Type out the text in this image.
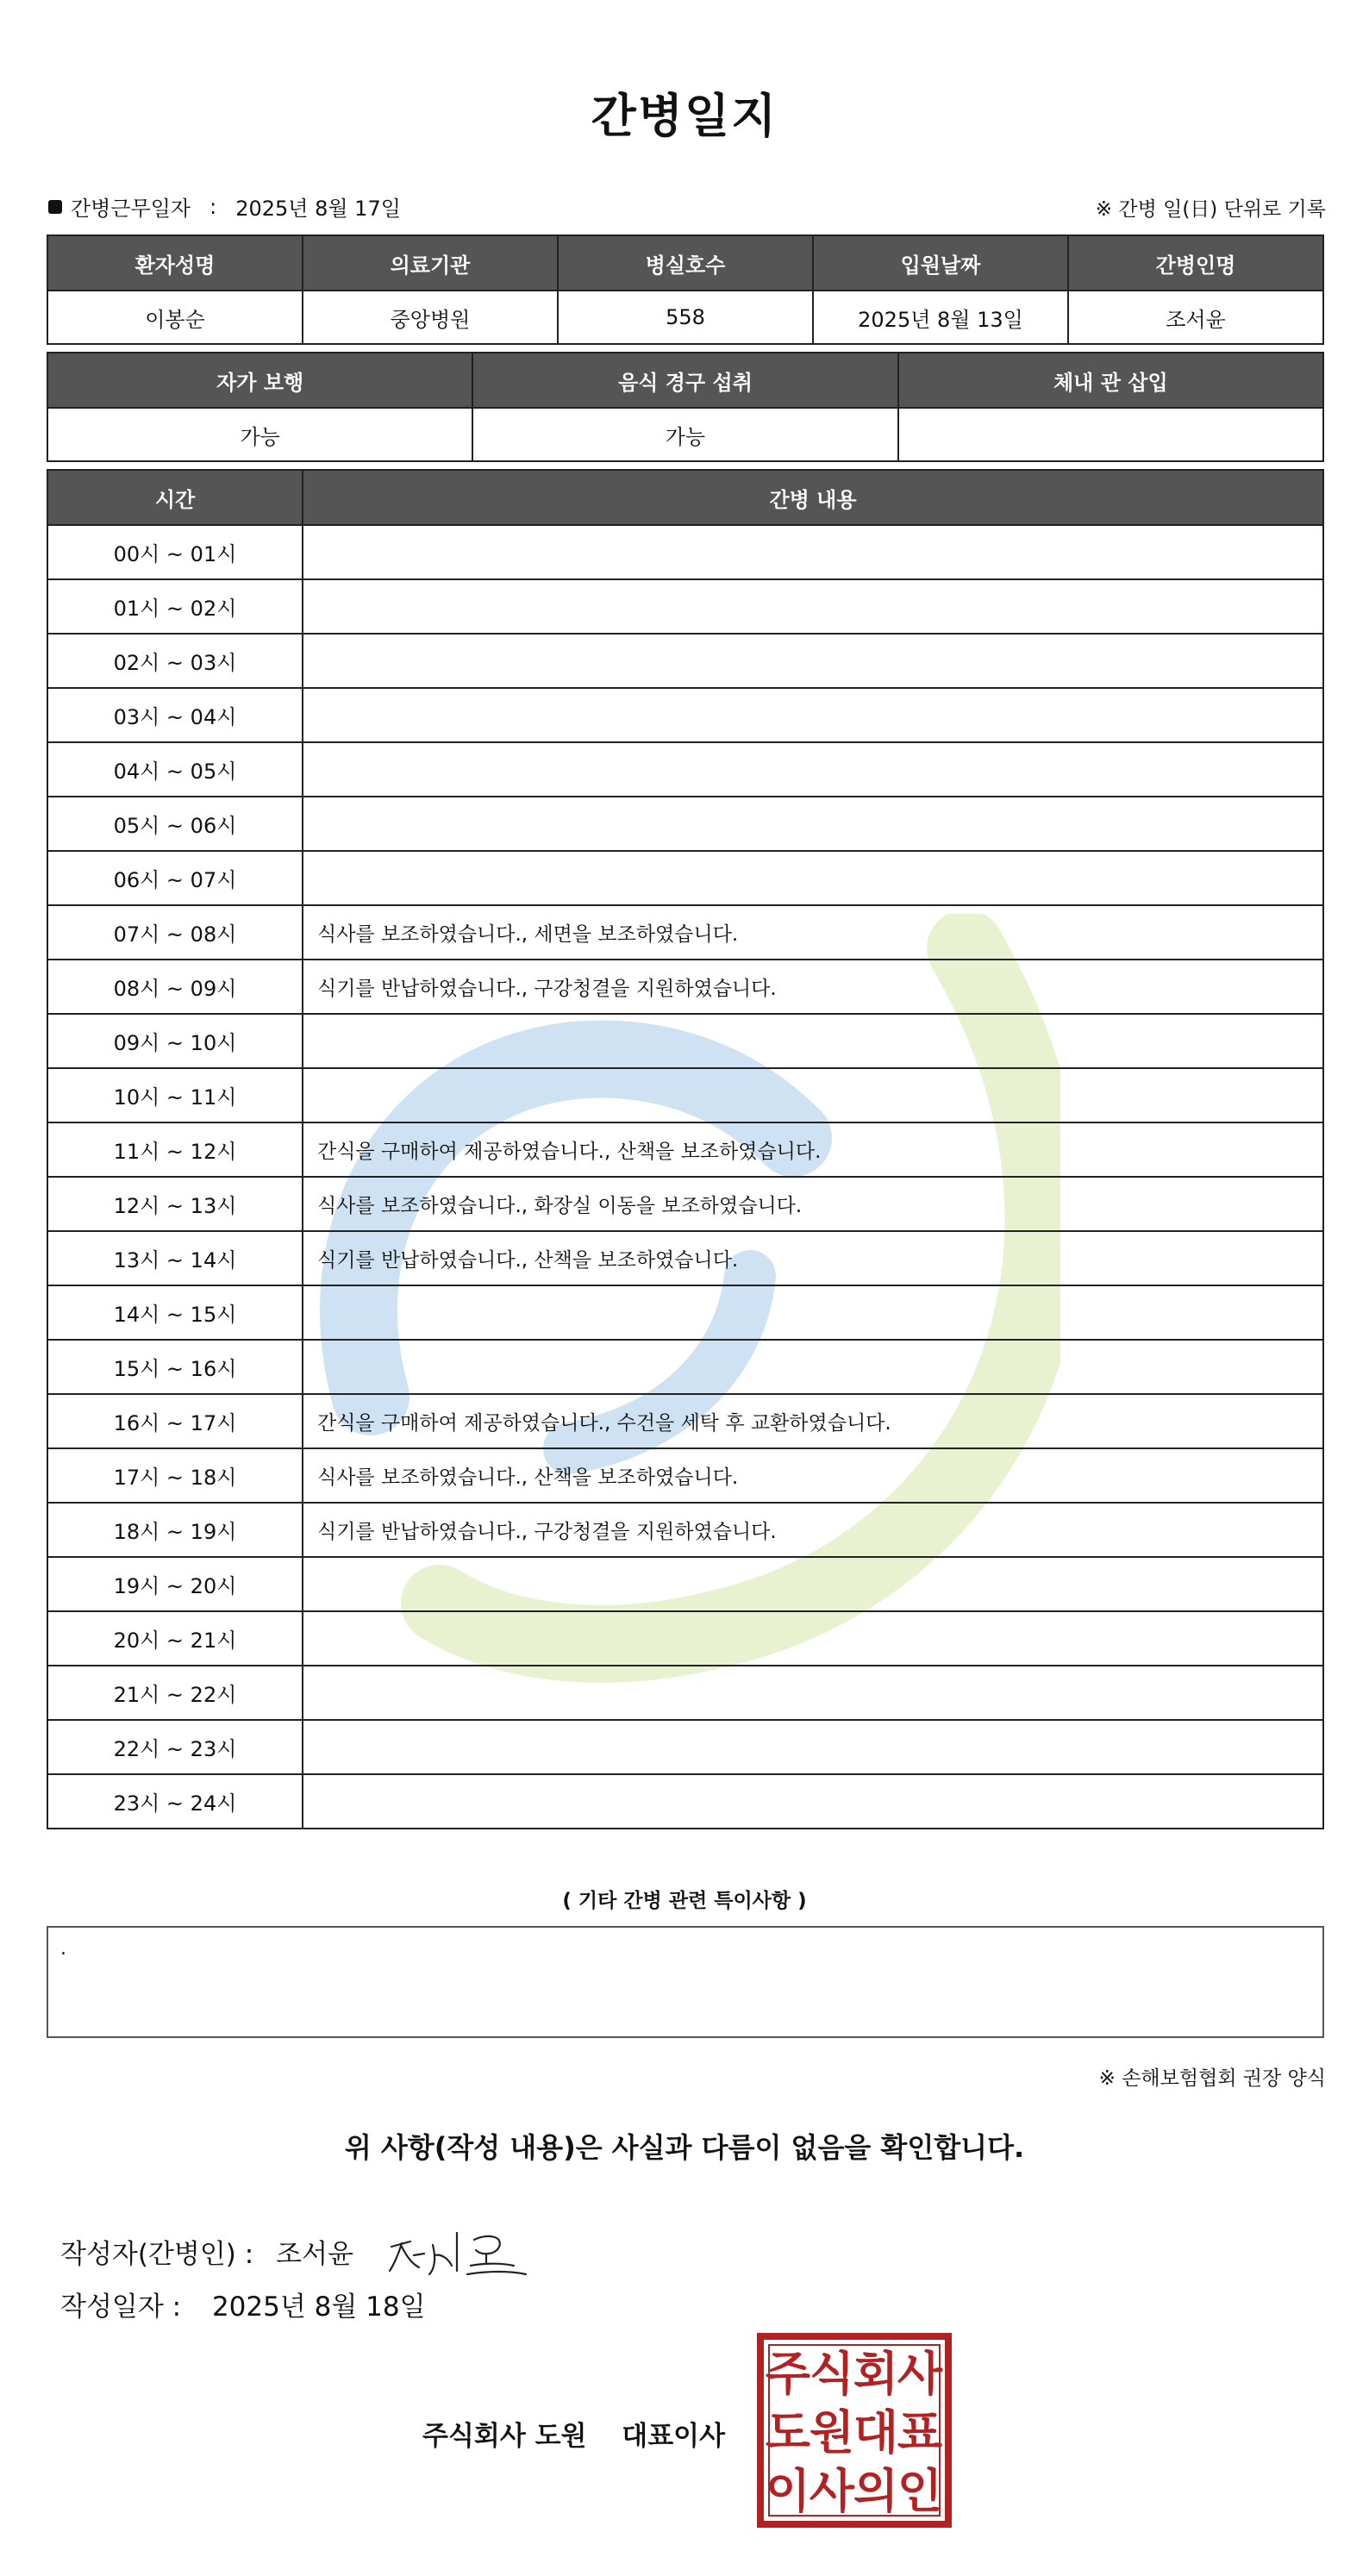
간병일지
간병근무일자 : 2025년 8월 17일	※ 간병 일(日) 단위로 기록
환자성명	의료기관	병실호수	입원날짜	간병인명
이봉순	중앙병원	558	2025년 8월 13일	조서윤
자가 보행	음식 경구 섭취	체내 관 삽입
가능	가능	
시간	간병 내용
00시 ~ 01시	
01시 ~ 02시	
02시 ~ 03시	
03시 ~ 04시	
04시 ~ 05시	
05시 ~ 06시	
06시 ~ 07시	
07시 ~ 08시	식사를 보조하였습니다., 세면을 보조하였습니다.
08시 ~ 09시	식기를 반납하였습니다., 구강청결을 지원하였습니다.
09시 ~ 10시	
10시 ~ 11시	
11시 ~ 12시	간식을 구매하여 제공하였습니다., 산책을 보조하였습니다.
12시 ~ 13시	식사를 보조하였습니다., 화장실 이동을 보조하였습니다.
13시 ~ 14시	식기를 반납하였습니다., 산책을 보조하였습니다.
14시 ~ 15시	
15시 ~ 16시	
16시 ~ 17시	간식을 구매하여 제공하였습니다., 수건을 세탁 후 교환하였습니다.
17시 ~ 18시	식사를 보조하였습니다., 산책을 보조하였습니다.
18시 ~ 19시	식기를 반납하였습니다., 구강청결을 지원하였습니다.
19시 ~ 20시	
20시 ~ 21시	
21시 ~ 22시	
22시 ~ 23시	
23시 ~ 24시	
( 기타 간병 관련 특이사항 )
.
※ 손해보험협회 권장 양식
위 사항(작성 내용)은 사실과 다름이 없음을 확인합니다.
작성자(간병인) : 조서윤
작성일자 : 2025년 8월 18일
주식회사 도원 대표이사
주
식
회
사
도
원
대
표
이
사
의
인
